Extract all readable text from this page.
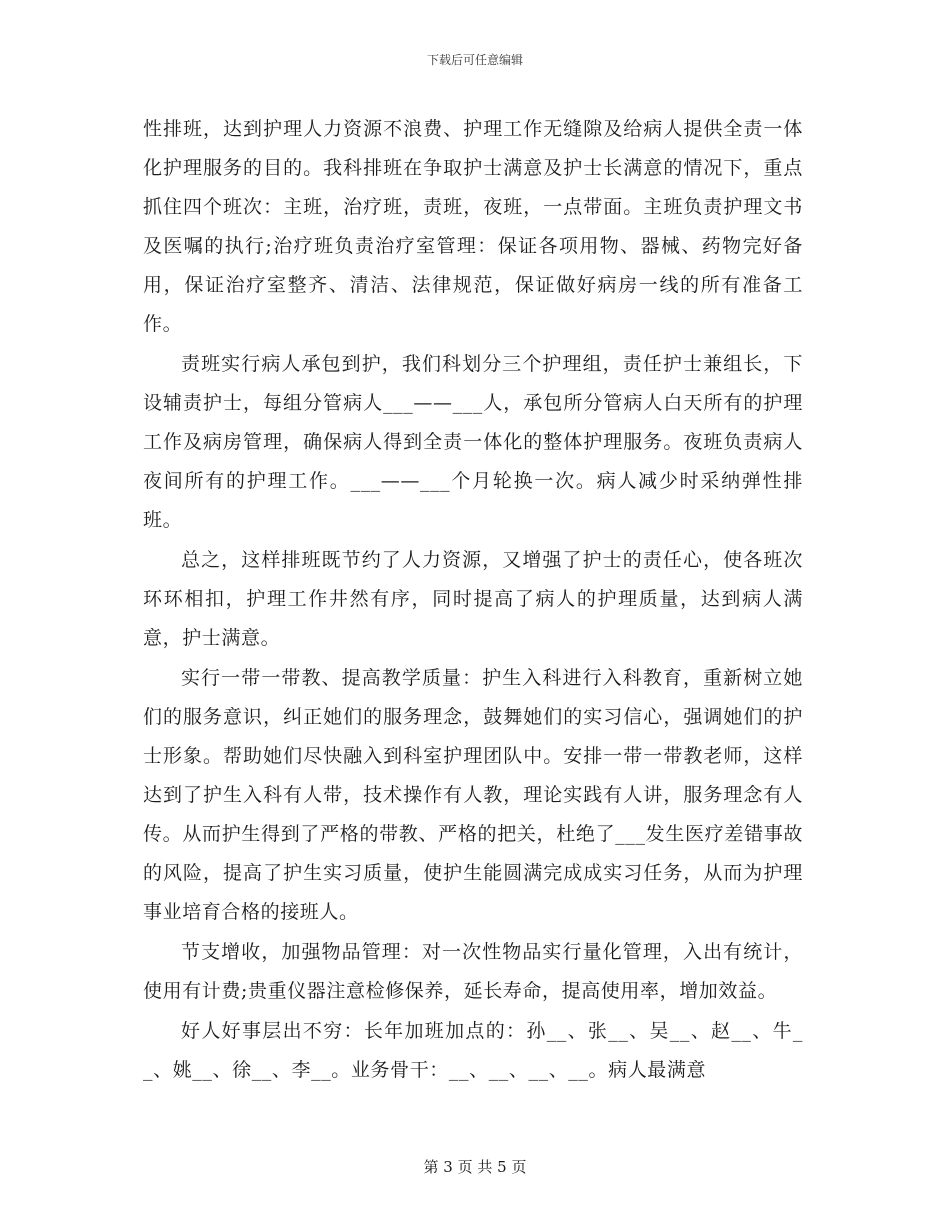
下载后可任意编辑

性排班，达到护理人力资源不浪费、护理工作无缝隙及给病人提供全责一体化护理服务的目的。我科排班在争取护士满意及护士长满意的情况下，重点抓住四个班次：主班，治疗班，责班，夜班，一点带面。主班负责护理文书及医嘱的执行;治疗班负责治疗室管理：保证各项用物、器械、药物完好备用，保证治疗室整齐、清洁、法律规范，保证做好病房一线的所有准备工作。

责班实行病人承包到护，我们科划分三个护理组，责任护士兼组长，下设辅责护士，每组分管病人___——___人，承包所分管病人白天所有的护理工作及病房管理，确保病人得到全责一体化的整体护理服务。夜班负责病人夜间所有的护理工作。___——___个月轮换一次。病人减少时采纳弹性排班。

总之，这样排班既节约了人力资源，又增强了护士的责任心，使各班次环环相扣，护理工作井然有序，同时提高了病人的护理质量，达到病人满意，护士满意。

实行一带一带教、提高教学质量：护生入科进行入科教育，重新树立她们的服务意识，纠正她们的服务理念，鼓舞她们的实习信心，强调她们的护士形象。帮助她们尽快融入到科室护理团队中。安排一带一带教老师，这样达到了护生入科有人带，技术操作有人教，理论实践有人讲，服务理念有人传。从而护生得到了严格的带教、严格的把关，杜绝了___发生医疗差错事故的风险，提高了护生实习质量，使护生能圆满完成成实习任务，从而为护理事业培育合格的接班人。

节支增收，加强物品管理：对一次性物品实行量化管理，入出有统计，使用有计费;贵重仪器注意检修保养，延长寿命，提高使用率，增加效益。

好人好事层出不穷：长年加班加点的：孙__、张__、吴__、赵__、牛__、姚__、徐__、李__。业务骨干：__、__、__、__。病人最满意

第 3 页 共 5 页
